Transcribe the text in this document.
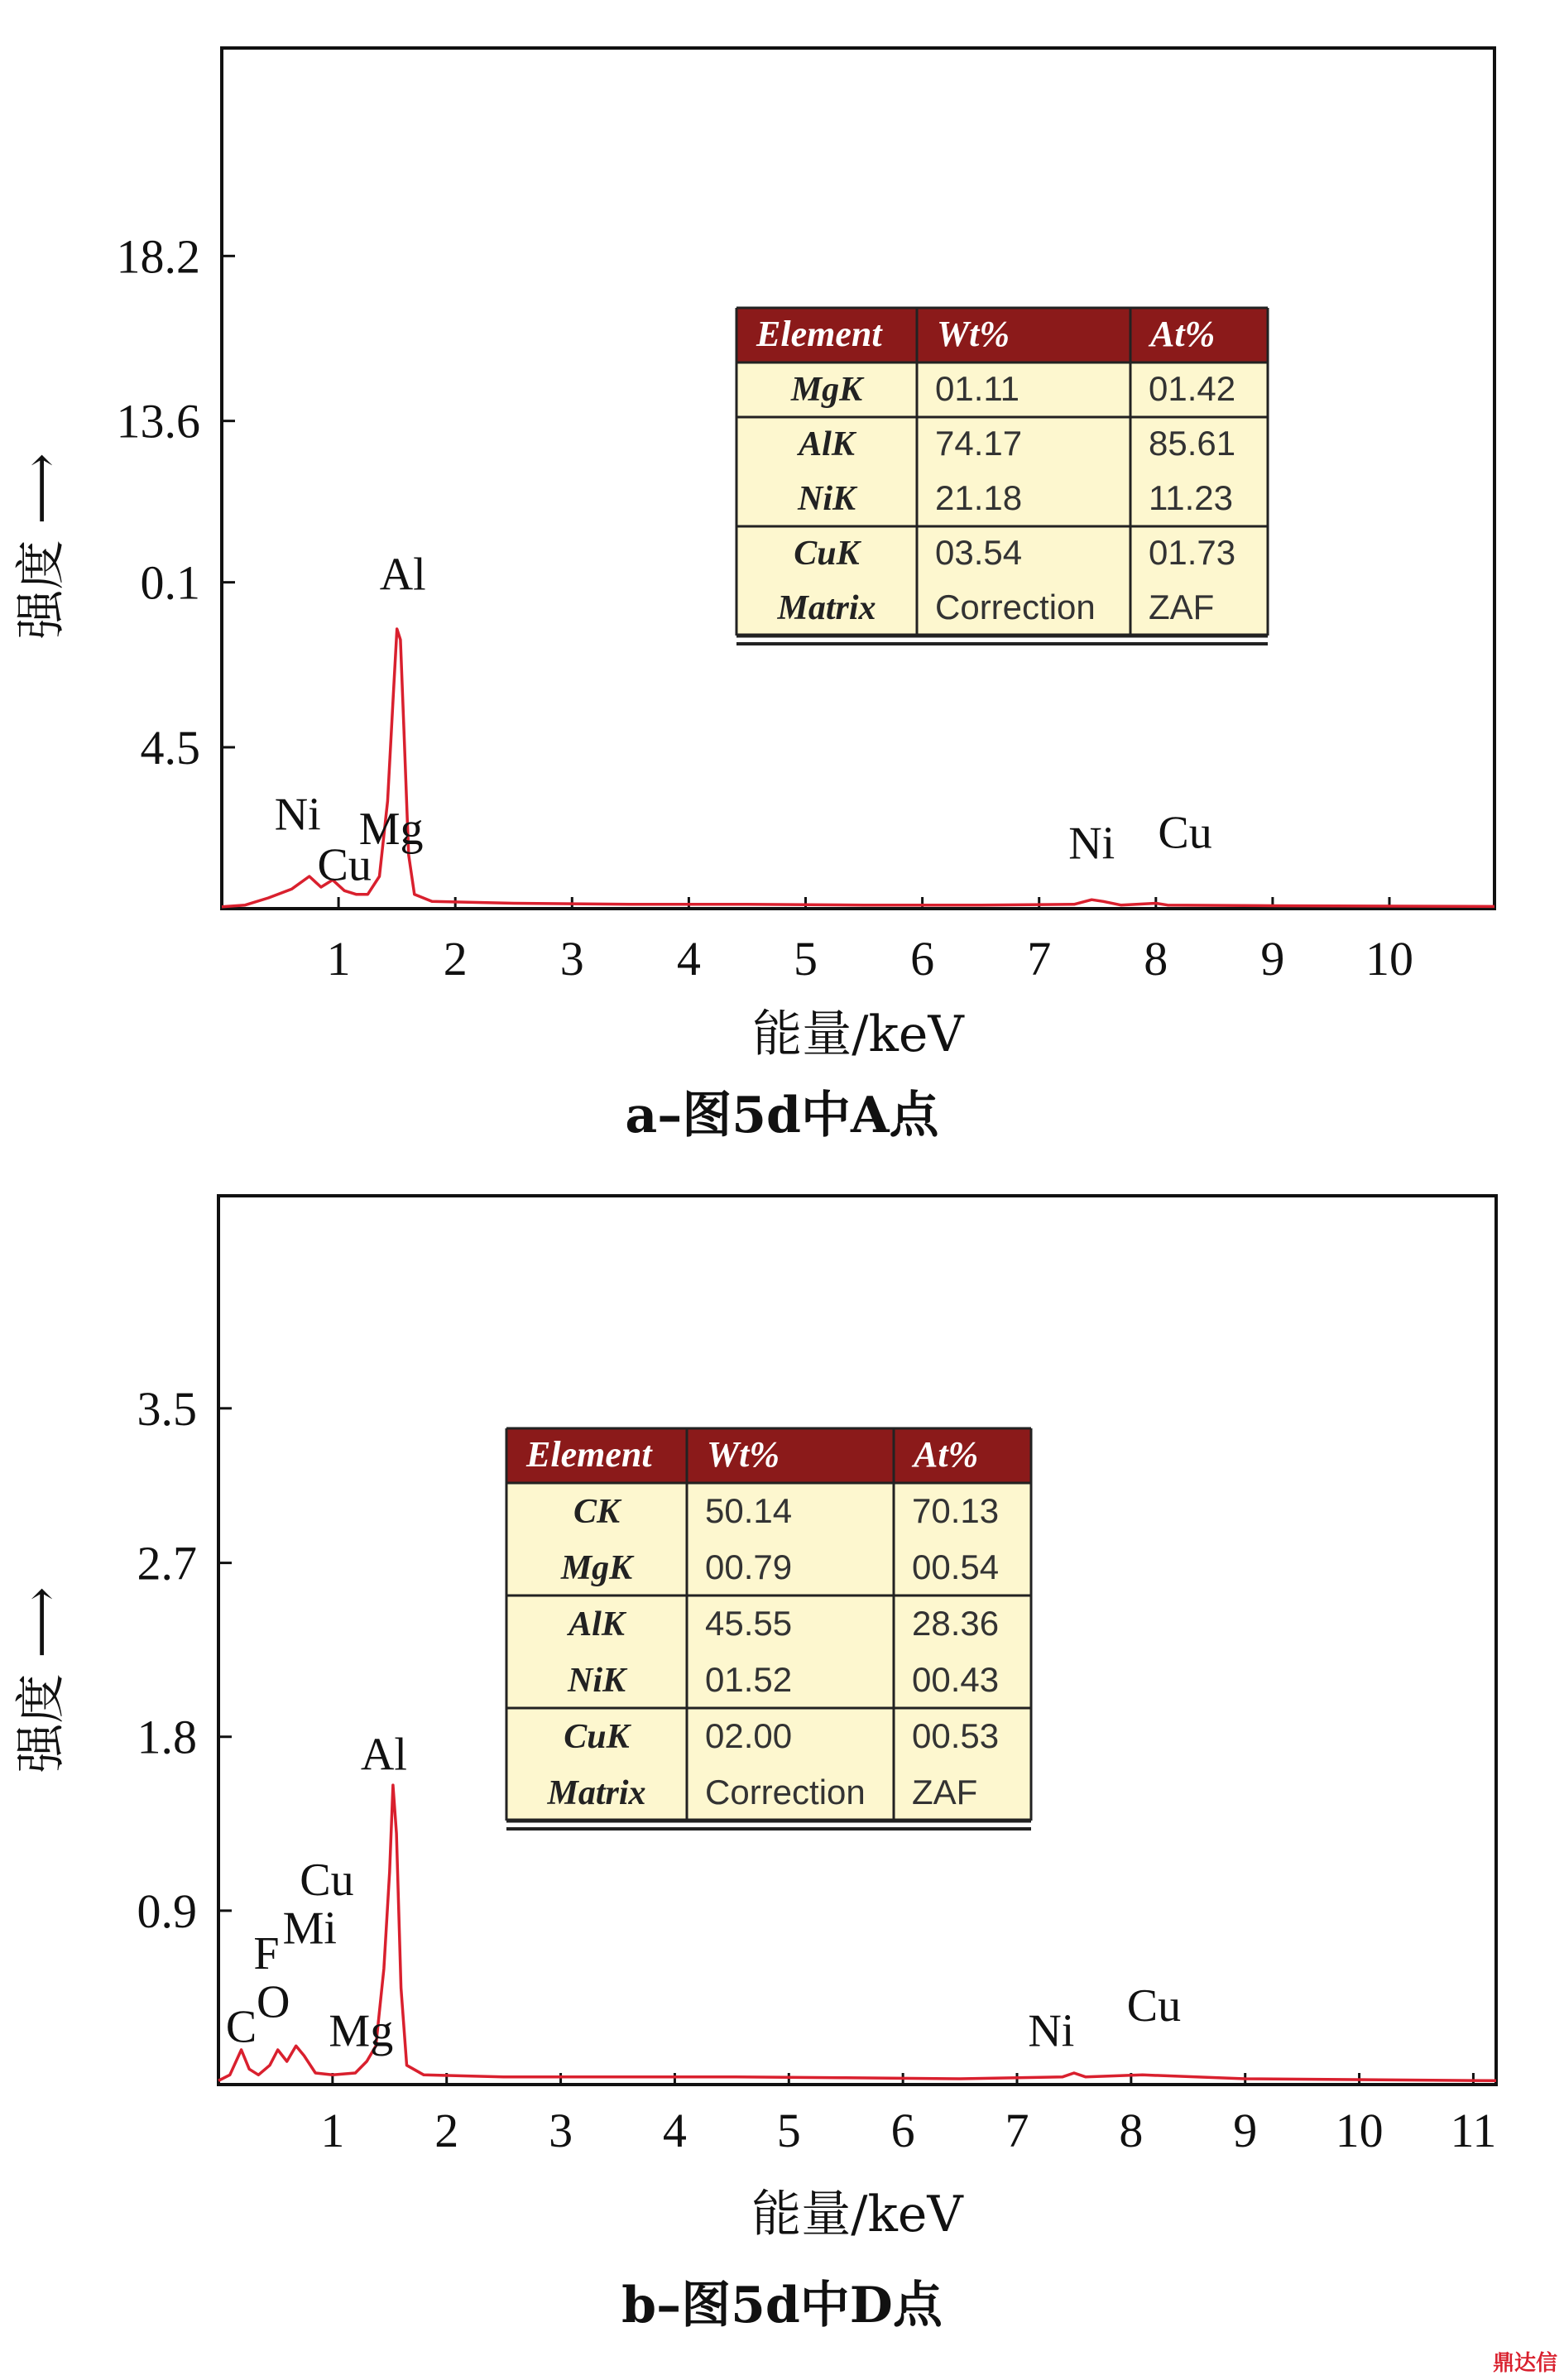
1 2 3 4 5 6 7 8 9 10
4.5
0.1
13.6
18.2
Ni
Cu
Mg
Al
Ni Cu
能量/keV
强度 ⟶
a–图5d中A点
Element Wt%	At%
MgK 01.11	01.42
AlK 74.17	85.61
NiK 21.18	11.23
CuK 03.54	01.73
Matrix Correction ZAF
1 2 3 4 5 6 7 8 9 10 11
0.9
1.8
2.7
3.5
C O
F Mi
Cu
Mg
Al
Ni Cu
能量/keV
强度 ⟶
b–图5d中D点
Element Wt%	At%
CK 50.14	70.13
MgK 00.79	00.54
AlK 45.55	28.36
NiK 01.52	00.43
CuK 02.00	00.53
Matrix Correction ZAF
鼎达信
